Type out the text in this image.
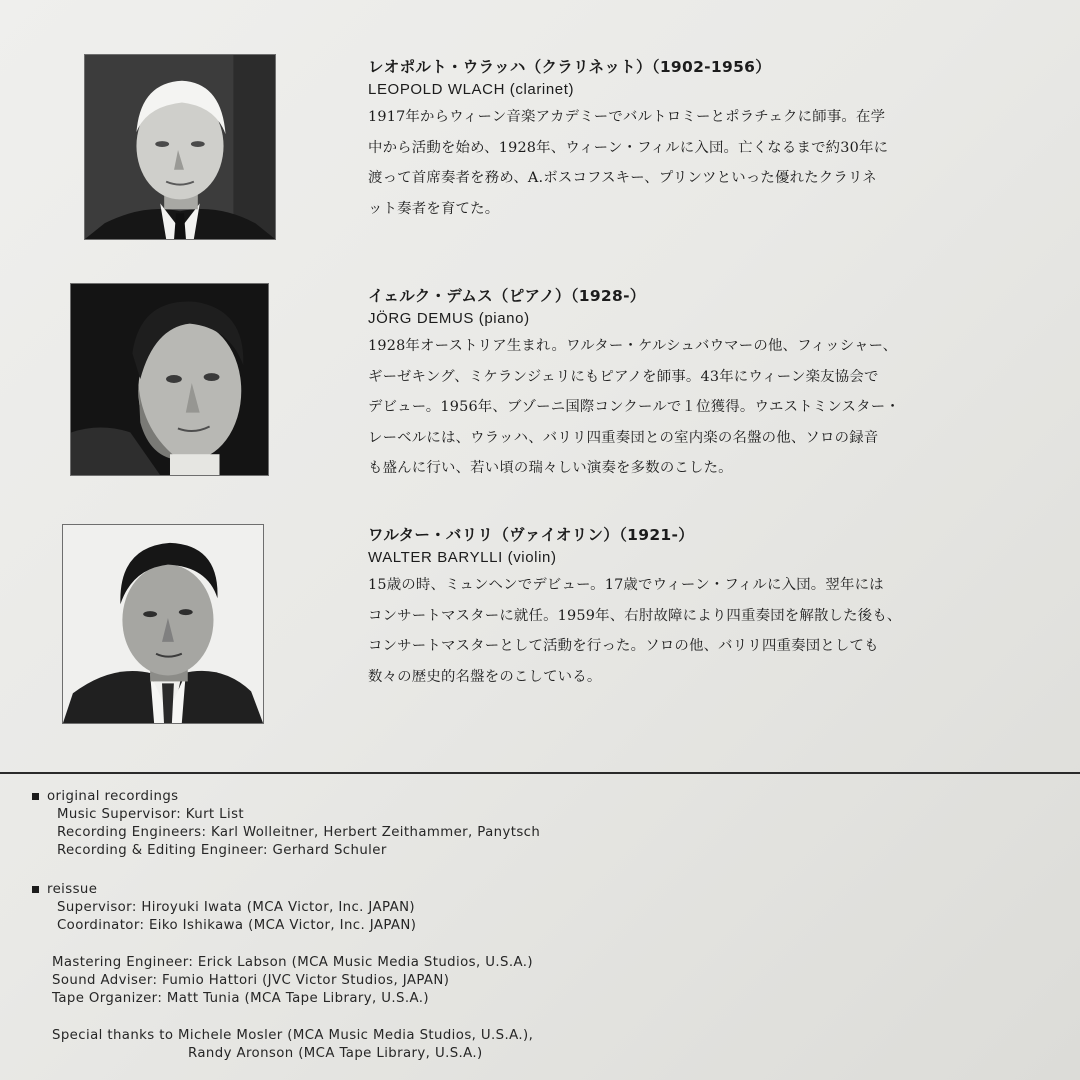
レオポルト・ウラッハ（クラリネット）（1902-1956）
LEOPOLD WLACH (clarinet)
1917年からウィーン音楽アカデミーでバルトロミーとポラチェクに師事。在学
中から活動を始め、1928年、ウィーン・フィルに入団。亡くなるまで約30年に
渡って首席奏者を務め、A.ボスコフスキー、プリンツといった優れたクラリネ
ット奏者を育てた。
イェルク・デムス（ピアノ）（1928-）
JÖRG DEMUS (piano)
1928年オーストリア生まれ。ワルター・ケルシュバウマーの他、フィッシャー、
ギーゼキング、ミケランジェリにもピアノを師事。43年にウィーン楽友協会で
デビュー。1956年、ブゾーニ国際コンクールで１位獲得。ウエストミンスター・
レーベルには、ウラッハ、バリリ四重奏団との室内楽の名盤の他、ソロの録音
も盛んに行い、若い頃の瑞々しい演奏を多数のこした。
ワルター・バリリ（ヴァイオリン）（1921-）
WALTER BARYLLI (violin)
15歳の時、ミュンヘンでデビュー。17歳でウィーン・フィルに入団。翌年には
コンサートマスターに就任。1959年、右肘故障により四重奏団を解散した後も、
コンサートマスターとして活動を行った。ソロの他、バリリ四重奏団としても
数々の歴史的名盤をのこしている。
original recordings
Music Supervisor: Kurt List
Recording Engineers: Karl Wolleitner, Herbert Zeithammer, Panytsch
Recording & Editing Engineer: Gerhard Schuler
reissue
Supervisor: Hiroyuki Iwata (MCA Victor, Inc. JAPAN)
Coordinator: Eiko Ishikawa (MCA Victor, Inc. JAPAN)
Mastering Engineer: Erick Labson (MCA Music Media Studios, U.S.A.)
Sound Adviser: Fumio Hattori (JVC Victor Studios, JAPAN)
Tape Organizer: Matt Tunia (MCA Tape Library, U.S.A.)
Special thanks to Michele Mosler (MCA Music Media Studios, U.S.A.),
Randy Aronson (MCA Tape Library, U.S.A.)
